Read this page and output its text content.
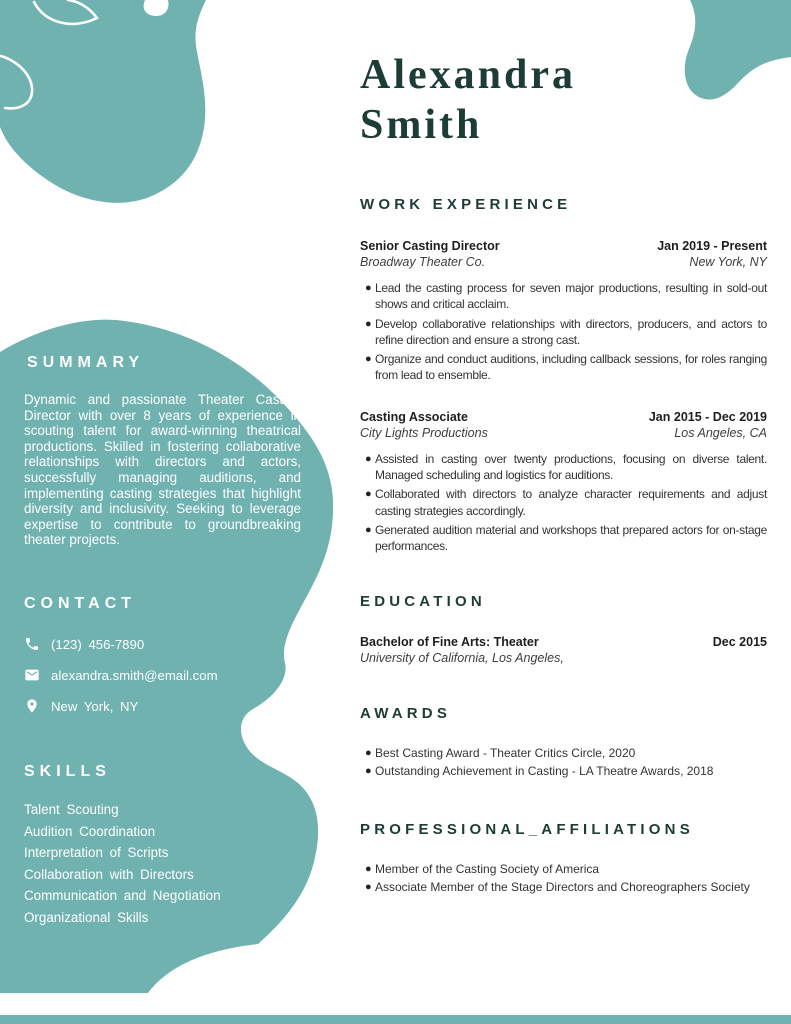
SUMMARY
Dynamic and passionate Theater Casting Director with over 8 years of experience in scouting talent for award-winning theatrical productions. Skilled in fostering collaborative relationships with directors and actors, successfully managing auditions, and implementing casting strategies that highlight diversity and inclusivity. Seeking to leverage expertise to contribute to groundbreaking theater projects.
CONTACT
(123) 456-7890
alexandra.smith@email.com
New York, NY
SKILLS
Talent Scouting
Audition Coordination
Interpretation of Scripts
Collaboration with Directors
Communication and Negotiation
Organizational Skills
Alexandra
Smith
WORK EXPERIENCE
Senior Casting Director	Jan 2019 - Present
Broadway Theater Co.	New York, NY
● Lead the casting process for seven major productions, resulting in sold-out shows and critical acclaim.
● Develop collaborative relationships with directors, producers, and actors to refine direction and ensure a strong cast.
● Organize and conduct auditions, including callback sessions, for roles ranging from lead to ensemble.
Casting Associate	Jan 2015 - Dec 2019
City Lights Productions	Los Angeles, CA
● Assisted in casting over twenty productions, focusing on diverse talent. Managed scheduling and logistics for auditions.
● Collaborated with directors to analyze character requirements and adjust casting strategies accordingly.
● Generated audition material and workshops that prepared actors for on-stage performances.
EDUCATION
Bachelor of Fine Arts: Theater	Dec 2015
University of California, Los Angeles,
AWARDS
● Best Casting Award - Theater Critics Circle, 2020
● Outstanding Achievement in Casting - LA Theatre Awards, 2018
PROFESSIONAL_AFFILIATIONS
● Member of the Casting Society of America
● Associate Member of the Stage Directors and Choreographers Society
